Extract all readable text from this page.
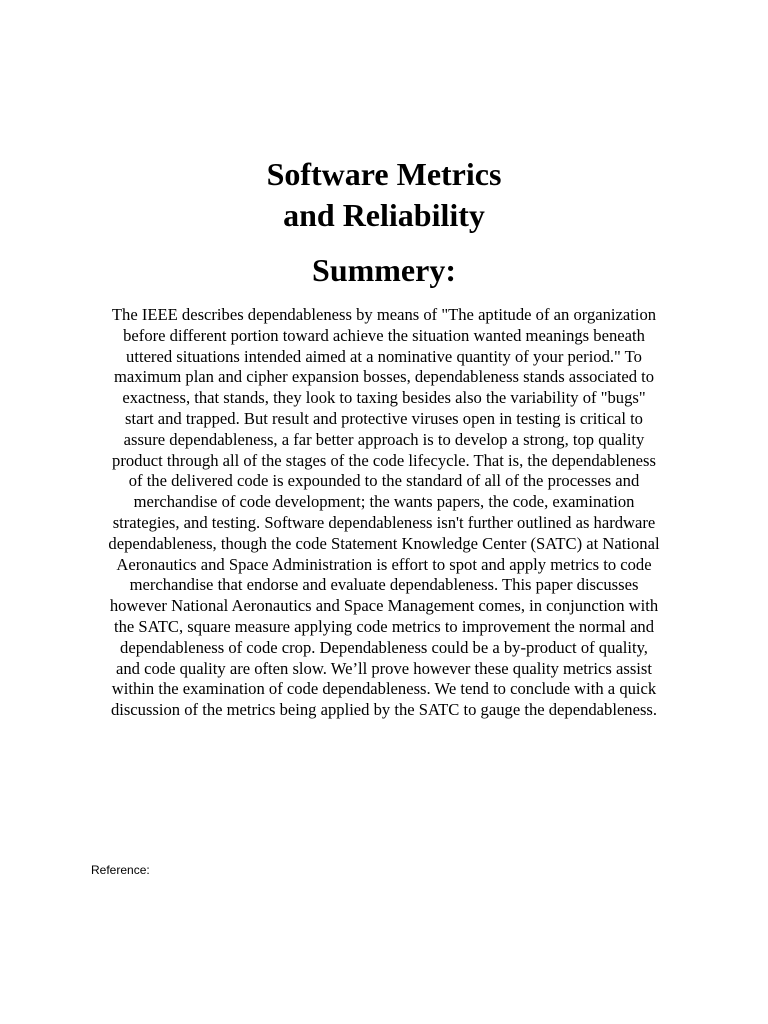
Software Metrics
and Reliability
Summery:

The IEEE describes dependableness by means of "The aptitude of an organization
before different portion toward achieve the situation wanted meanings beneath
uttered situations intended aimed at a nominative quantity of your period." To
maximum plan and cipher expansion bosses, dependableness stands associated to
exactness, that stands, they look to taxing besides also the variability of "bugs"
start and trapped. But result and protective viruses open in testing is critical to
assure dependableness, a far better approach is to develop a strong, top quality
product through all of the stages of the code lifecycle. That is, the dependableness
of the delivered code is expounded to the standard of all of the processes and
merchandise of code development; the wants papers, the code, examination
strategies, and testing. Software dependableness isn't further outlined as hardware
dependableness, though the code Statement Knowledge Center (SATC) at National
Aeronautics and Space Administration is effort to spot and apply metrics to code
merchandise that endorse and evaluate dependableness. This paper discusses
however National Aeronautics and Space Management comes, in conjunction with
the SATC, square measure applying code metrics to improvement the normal and
dependableness of code crop. Dependableness could be a by-product of quality,
and code quality are often slow. We’ll prove however these quality metrics assist
within the examination of code dependableness. We tend to conclude with a quick
discussion of the metrics being applied by the SATC to gauge the dependableness.

Reference:
